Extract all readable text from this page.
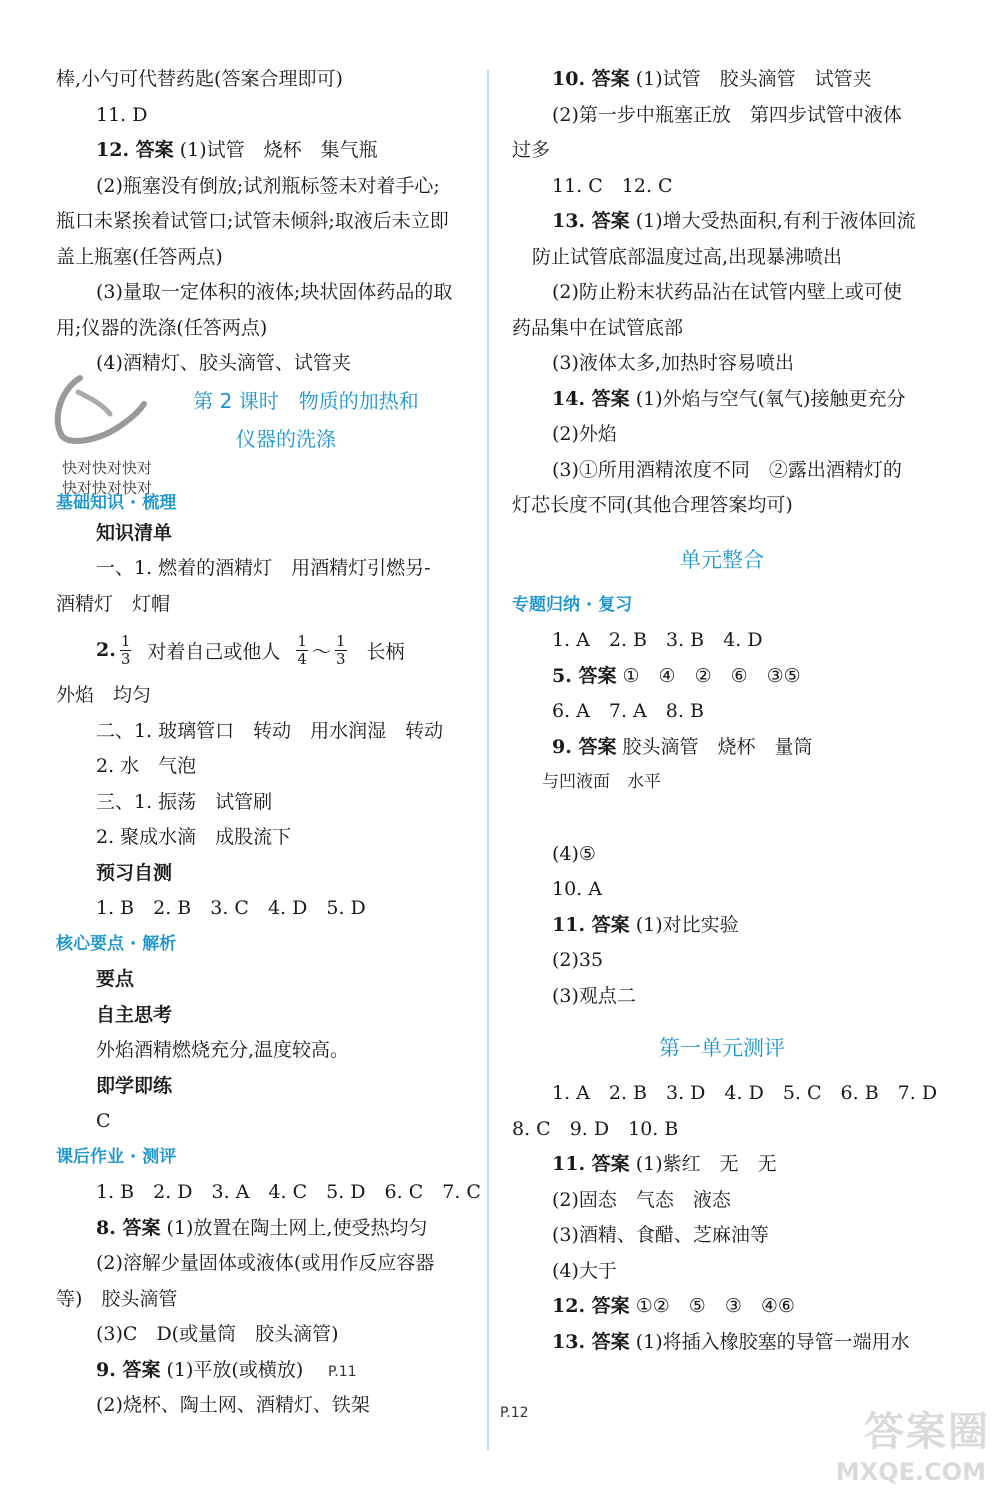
棒,小勺可代替药匙(答案合理即可)
11. D
12. 答案 (1)试管　烧杯　集气瓶
(2)瓶塞没有倒放;试剂瓶标签未对着手心;
瓶口未紧挨着试管口;试管未倾斜;取液后未立即
盖上瓶塞(任答两点)
(3)量取一定体积的液体;块状固体药品的取
用;仪器的洗涤(任答两点)
(4)酒精灯、胶头滴管、试管夹
第 2 课时　物质的加热和
仪器的洗涤
快对快对快对
快对快对快对
基础知识 · 梳理
知识清单
一、1. 燃着的酒精灯　用酒精灯引燃另-
酒精灯　灯帽
2. $\frac{1}{3}$ 对着自己或他人 $\frac{1}{4}$ ～ $\frac{1}{3}$ 长柄
外焰　均匀
二、1. 玻璃管口　转动　用水润湿　转动
2. 水　气泡
三、1. 振荡　试管刷
2. 聚成水滴　成股流下
预习自测
1. B　2. B　3. C　4. D　5. D
核心要点 · 解析
要点
自主思考
外焰酒精燃烧充分,温度较高。
即学即练
C
课后作业 · 测评
1. B　2. D　3. A　4. C　5. D　6. C　7. C
8. 答案 (1)放置在陶土网上,使受热均匀
(2)溶解少量固体或液体(或用作反应容器
等)　胶头滴管
(3)C　D(或量筒　胶头滴管)
9. 答案 (1)平放(或横放)
(2)烧杯、陶土网、酒精灯、铁架
10. 答案 (1)试管　胶头滴管　试管夹
(2)第一步中瓶塞正放　第四步试管中液体
过多
11. C　12. C
13. 答案 (1)增大受热面积,有利于液体回流
防止试管底部温度过高,出现暴沸喷出
(2)防止粉末状药品沾在试管内壁上或可使
药品集中在试管底部
(3)液体太多,加热时容易喷出
14. 答案 (1)外焰与空气(氧气)接触更充分
(2)外焰
(3)①所用酒精浓度不同　②露出酒精灯的
灯芯长度不同(其他合理答案均可)
单元整合
专题归纳 · 复习
1. A　2. B　3. B　4. D
5. 答案 ①　④　②　⑥　③⑤
6. A　7. A　8. B
9. 答案 胶头滴管　烧杯　量筒
与凹液面　水平
(4)⑤
10. A
11. 答案 (1)对比实验
(2)35
(3)观点二
第一单元测评
1. A　2. B　3. D　4. D　5. C　6. B　7. D
8. C　9. D　10. B
11. 答案 (1)紫红　无　无
(2)固态　气态　液态
(3)酒精、食醋、芝麻油等
(4)大于
12. 答案 ①②　⑤　③　④⑥
13. 答案 (1)将插入橡胶塞的导管一端用水
P.11
P.12	答案圈
MXQE.COM
